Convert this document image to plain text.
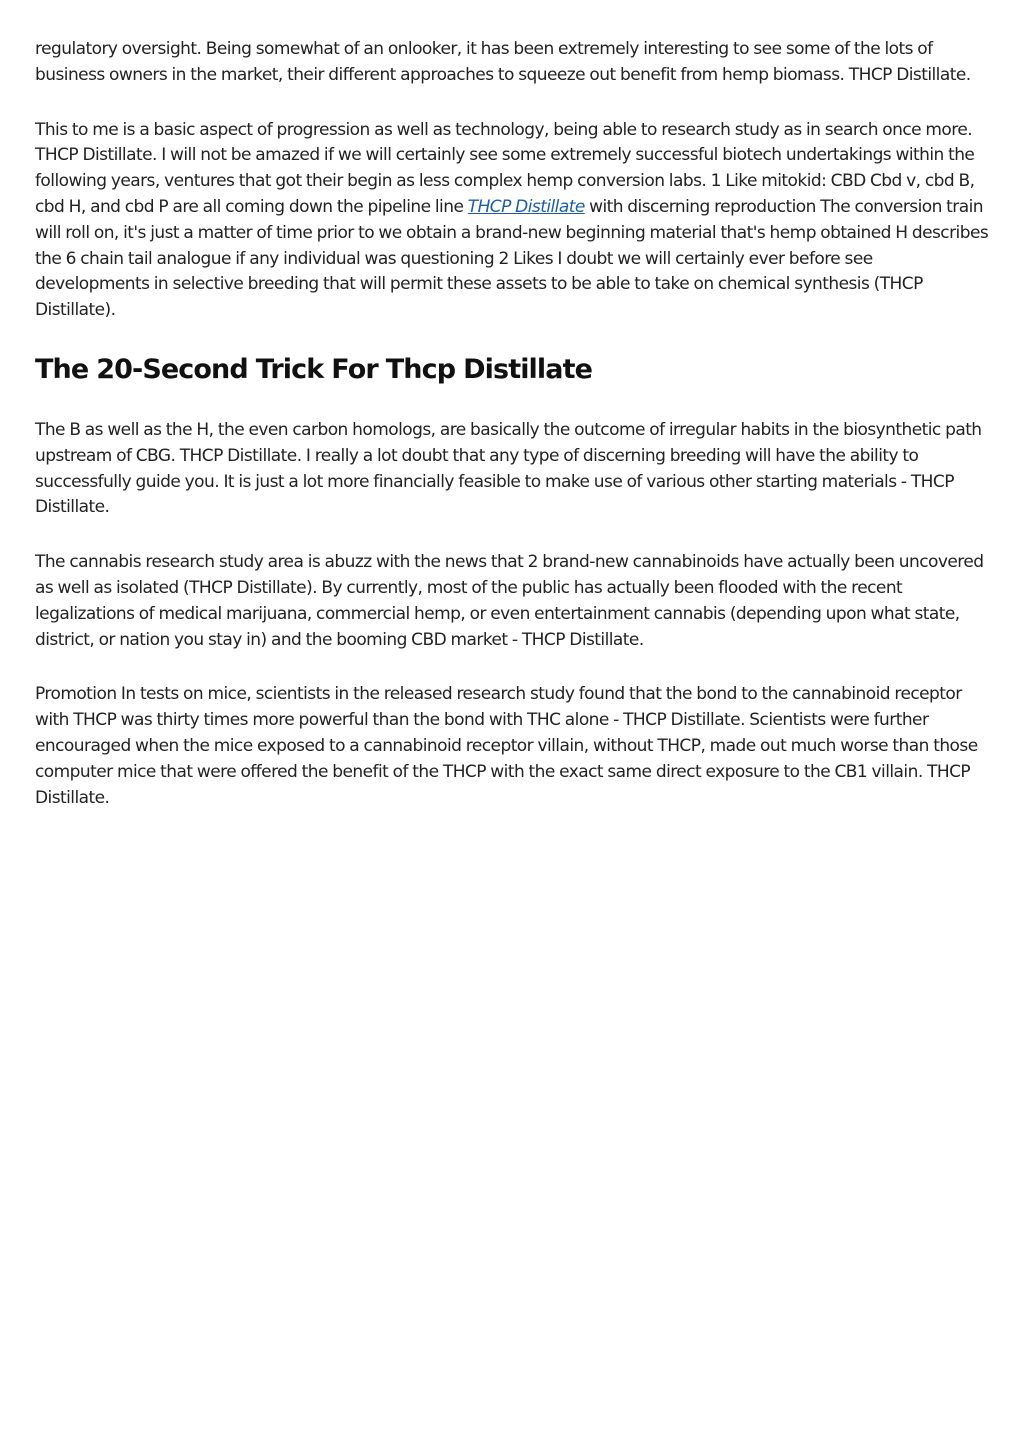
regulatory oversight. Being somewhat of an onlooker, it has been extremely interesting to see some of the lots of business owners in the market, their different approaches to squeeze out benefit from hemp biomass. THCP Distillate.

This to me is a basic aspect of progression as well as technology, being able to research study as in search once more. THCP Distillate. I will not be amazed if we will certainly see some extremely successful biotech undertakings within the following years, ventures that got their begin as less complex hemp conversion labs. 1 Like mitokid: CBD Cbd v, cbd B, cbd H, and cbd P are all coming down the pipeline line THCP Distillate with discerning reproduction The conversion train will roll on, it's just a matter of time prior to we obtain a brand-new beginning material that's hemp obtained H describes the 6 chain tail analogue if any individual was questioning 2 Likes I doubt we will certainly ever before see developments in selective breeding that will permit these assets to be able to take on chemical synthesis (THCP Distillate).

The 20-Second Trick For Thcp Distillate

The B as well as the H, the even carbon homologs, are basically the outcome of irregular habits in the biosynthetic path upstream of CBG. THCP Distillate. I really a lot doubt that any type of discerning breeding will have the ability to successfully guide you. It is just a lot more financially feasible to make use of various other starting materials - THCP Distillate.

The cannabis research study area is abuzz with the news that 2 brand-new cannabinoids have actually been uncovered as well as isolated (THCP Distillate). By currently, most of the public has actually been flooded with the recent legalizations of medical marijuana, commercial hemp, or even entertainment cannabis (depending upon what state, district, or nation you stay in) and the booming CBD market - THCP Distillate.

Promotion In tests on mice, scientists in the released research study found that the bond to the cannabinoid receptor with THCP was thirty times more powerful than the bond with THC alone - THCP Distillate. Scientists were further encouraged when the mice exposed to a cannabinoid receptor villain, without THCP, made out much worse than those computer mice that were offered the benefit of the THCP with the exact same direct exposure to the CB1 villain. THCP Distillate.
